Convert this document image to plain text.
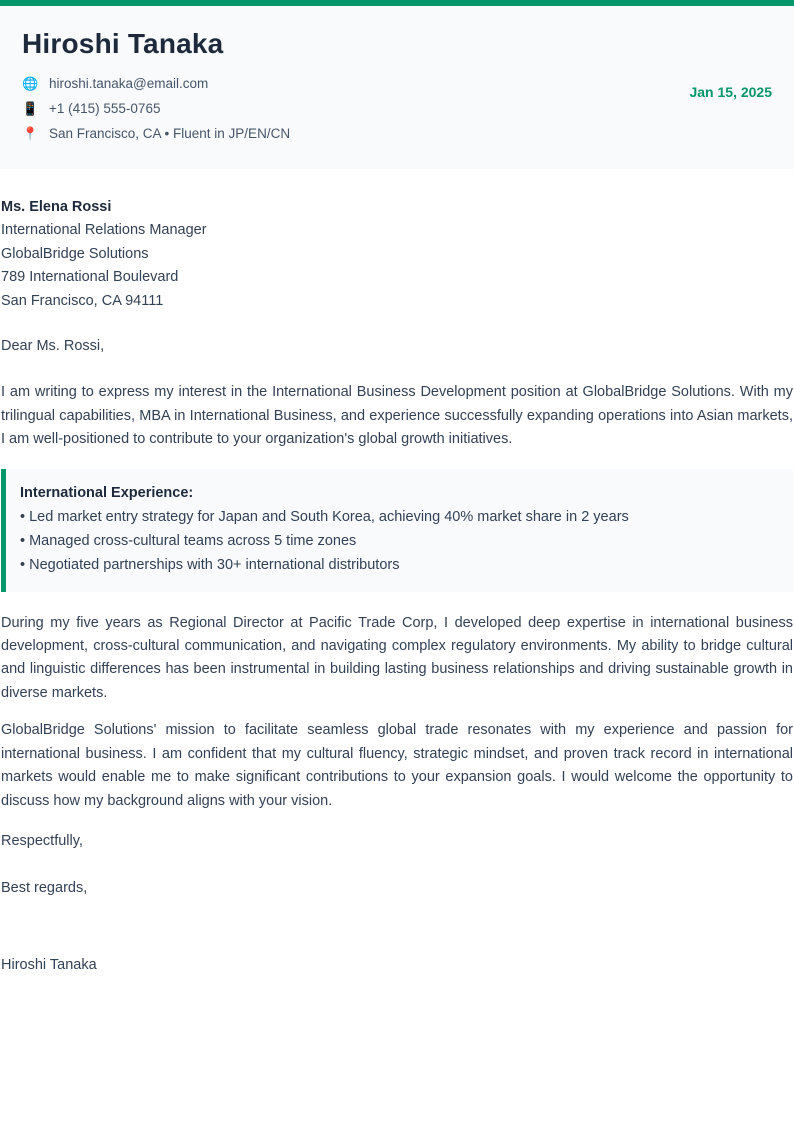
Hiroshi Tanaka
🌐 hiroshi.tanaka@email.com
📱 +1 (415) 555-0765
📍 San Francisco, CA • Fluent in JP/EN/CN
Jan 15, 2025

Ms. Elena Rossi

International Relations Manager

GlobalBridge Solutions

789 International Boulevard

San Francisco, CA 94111

Dear Ms. Rossi,

I am writing to express my interest in the International Business Development position at GlobalBridge Solutions. With my trilingual capabilities, MBA in International Business, and experience successfully expanding operations into Asian markets, I am well-positioned to contribute to your organization's global growth initiatives.

International Experience:

• Led market entry strategy for Japan and South Korea, achieving 40% market share in 2 years

• Managed cross-cultural teams across 5 time zones

• Negotiated partnerships with 30+ international distributors

During my five years as Regional Director at Pacific Trade Corp, I developed deep expertise in international business development, cross-cultural communication, and navigating complex regulatory environments. My ability to bridge cultural and linguistic differences has been instrumental in building lasting business relationships and driving sustainable growth in diverse markets.

GlobalBridge Solutions' mission to facilitate seamless global trade resonates with my experience and passion for international business. I am confident that my cultural fluency, strategic mindset, and proven track record in international markets would enable me to make significant contributions to your expansion goals. I would welcome the opportunity to discuss how my background aligns with your vision.

Respectfully,

Best regards,

Hiroshi Tanaka
